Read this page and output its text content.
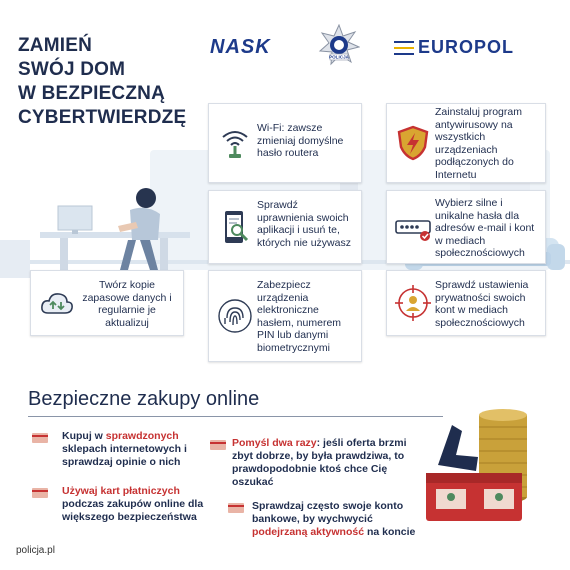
ZAMIEŃ
SWÓJ DOM
W BEZPIECZNĄ
CYBERTWIERDZĘ
NASK	POLICJA
EUROPOL
Wi-Fi: zawsze zmieniaj domyślne hasło routera
Zainstaluj program antywirusowy na wszystkich urządzeniach podłączonych do Internetu
Sprawdź uprawnienia swoich aplikacji i usuń te, których nie używasz
Wybierz silne i unikalne hasła dla adresów e-mail i kont w mediach społecznościowych
Twórz kopie zapasowe danych i regularnie je aktualizuj
Zabezpiecz urządzenia elektroniczne hasłem, numerem PIN lub danymi biometrycznymi
Sprawdź ustawienia prywatności swoich kont w mediach społecznościowych
Bezpieczne zakupy online
Kupuj w sprawdzonych sklepach internetowych i sprawdzaj opinie o nich
Używaj kart płatniczych podczas zakupów online dla większego bezpieczeństwa
Pomyśl dwa razy: jeśli oferta brzmi zbyt dobrze, by była prawdziwa, to prawdopodobnie ktoś chce Cię oszukać
Sprawdzaj często swoje konto bankowe, by wychwycić podejrzaną aktywność na koncie
policja.pl
